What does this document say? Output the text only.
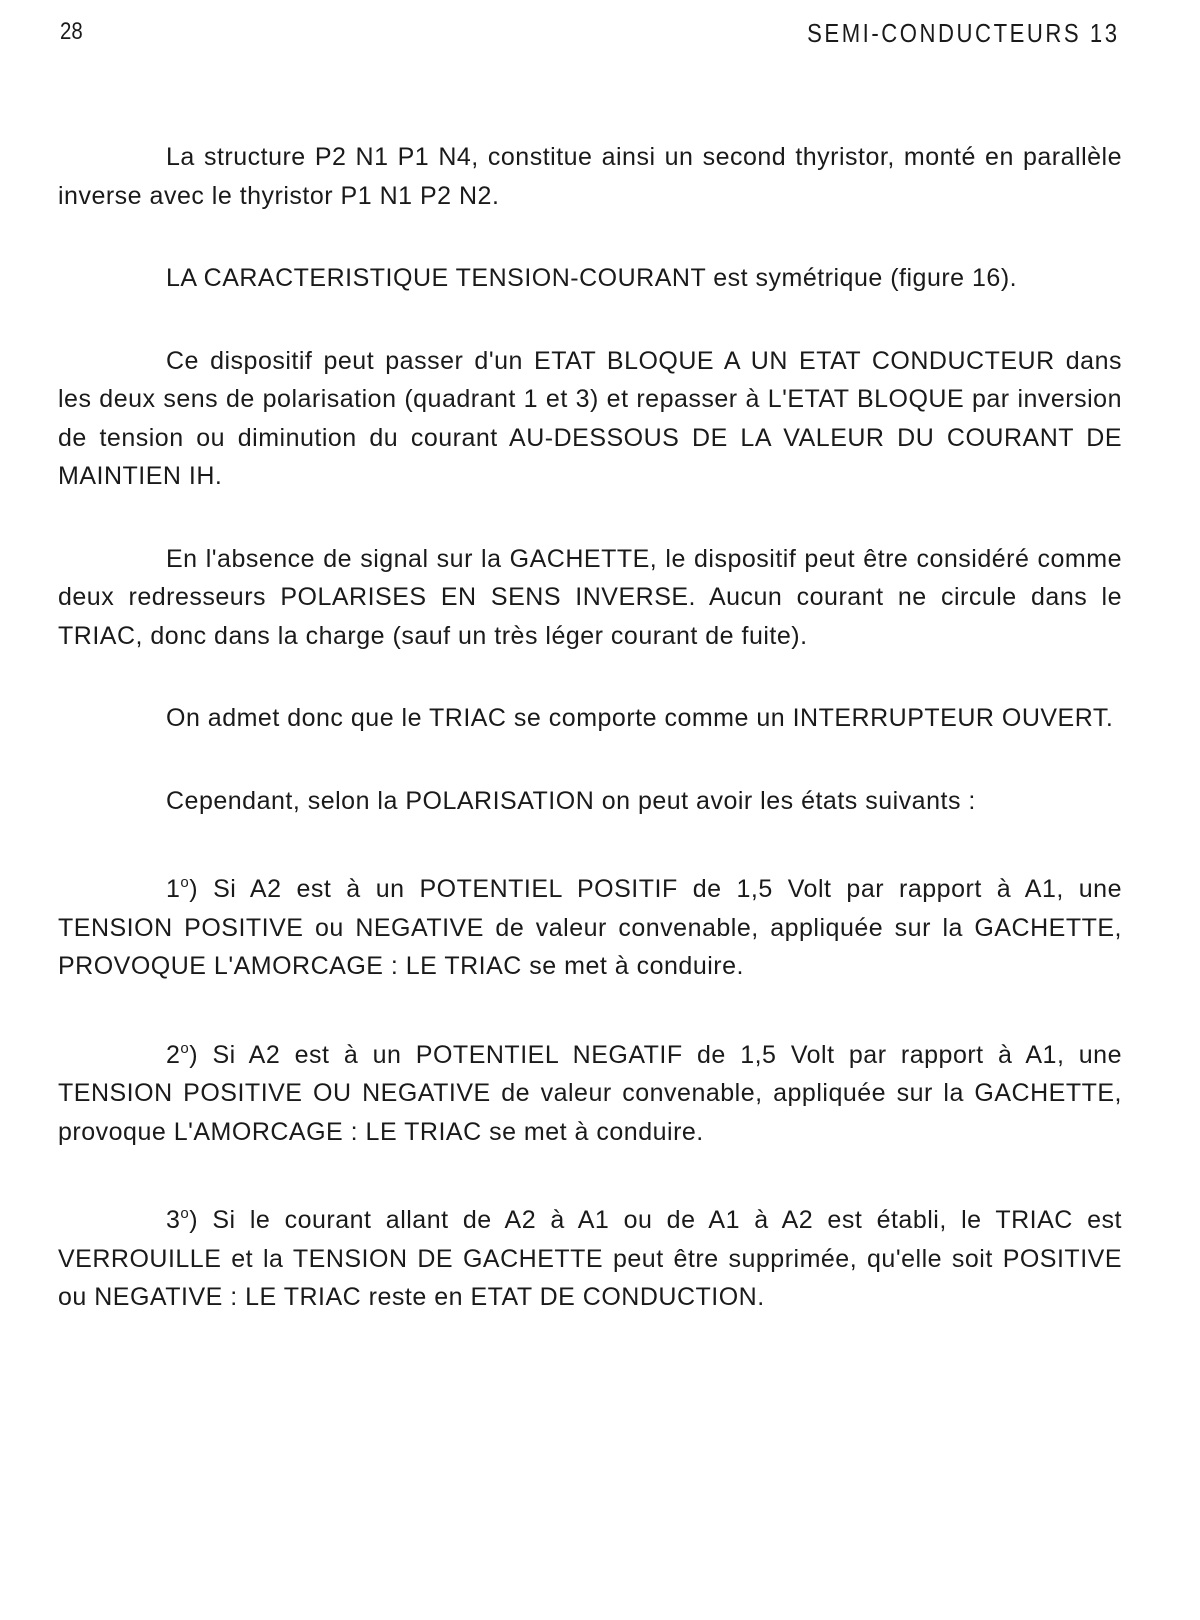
28	SEMI-CONDUCTEURS 13

La structure P2 N1 P1 N4, constitue ainsi un second thyristor, monté en parallèle inverse avec le thyristor P1 N1 P2 N2.

LA CARACTERISTIQUE TENSION-COURANT est symétrique (figure 16).

Ce dispositif peut passer d'un ETAT BLOQUE A UN ETAT CONDUCTEUR dans les deux sens de polarisation (quadrant 1 et 3) et repasser à L'ETAT BLOQUE par inversion de tension ou diminution du courant AU-DESSOUS DE LA VALEUR DU COURANT DE MAINTIEN IH.

En l'absence de signal sur la GACHETTE, le dispositif peut être considéré comme deux redresseurs POLARISES EN SENS INVERSE. Aucun courant ne circule dans le TRIAC, donc dans la charge (sauf un très léger courant de fuite).

On admet donc que le TRIAC se comporte comme un INTERRUPTEUR OUVERT.

Cependant, selon la POLARISATION on peut avoir les états suivants :

1$^o$) Si A2 est à un POTENTIEL POSITIF de 1,5 Volt par rapport à A1, une TENSION POSITIVE ou NEGATIVE de valeur convenable, appliquée sur la GACHETTE, PROVOQUE L'AMORCAGE : LE TRIAC se met à conduire.

2$^o$) Si A2 est à un POTENTIEL NEGATIF de 1,5 Volt par rapport à A1, une TENSION POSITIVE OU NEGATIVE de valeur convenable, appliquée sur la GACHETTE, provoque L'AMORCAGE : LE TRIAC se met à conduire.

3$^o$) Si le courant allant de A2 à A1 ou de A1 à A2 est établi, le TRIAC est VERROUILLE et la TENSION DE GACHETTE peut être supprimée, qu'elle soit POSITIVE ou NEGATIVE : LE TRIAC reste en ETAT DE CONDUCTION.
